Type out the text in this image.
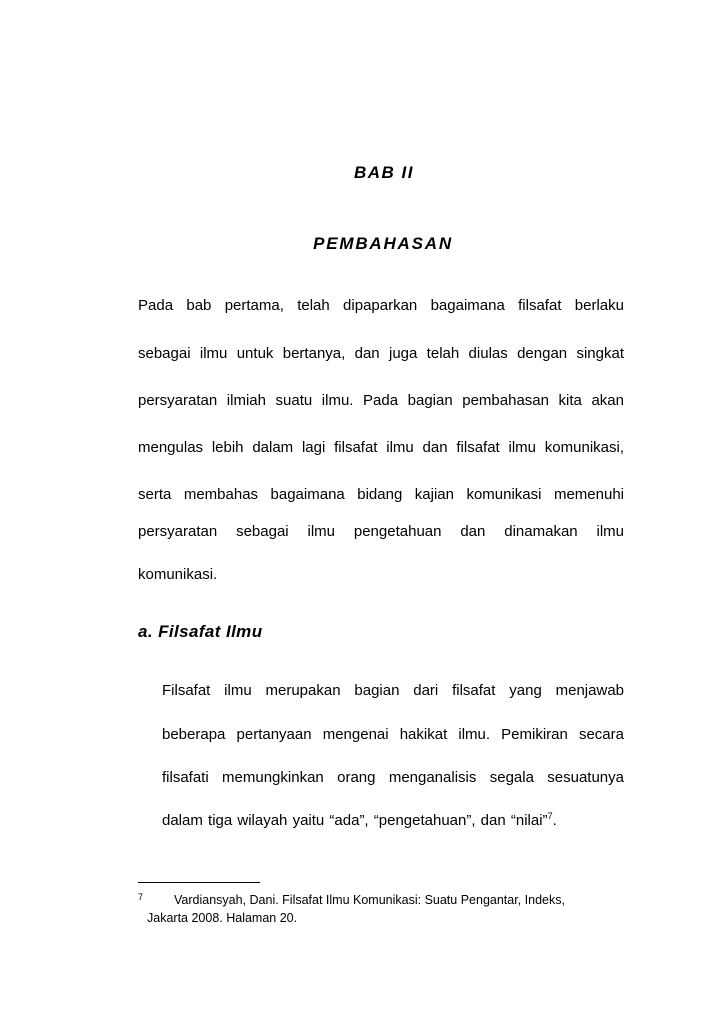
BAB II
PEMBAHASAN
Pada bab pertama, telah dipaparkan bagaimana filsafat berlaku
sebagai ilmu untuk bertanya, dan juga telah diulas dengan singkat
persyaratan ilmiah suatu ilmu. Pada bagian pembahasan kita akan
mengulas lebih dalam lagi filsafat ilmu dan filsafat ilmu komunikasi,
serta membahas bagaimana bidang kajian komunikasi memenuhi
persyaratan sebagai ilmu pengetahuan dan dinamakan ilmu
komunikasi.
a. Filsafat Ilmu
Filsafat ilmu merupakan bagian dari filsafat yang menjawab
beberapa pertanyaan mengenai hakikat ilmu. Pemikiran secara
filsafati memungkinkan orang menganalisis segala sesuatunya
dalam tiga wilayah yaitu “ada”, “pengetahuan”, dan “nilai”$^7$.
7 Vardiansyah, Dani. Filsafat Ilmu Komunikasi: Suatu Pengantar, Indeks,
Jakarta 2008. Halaman 20.
